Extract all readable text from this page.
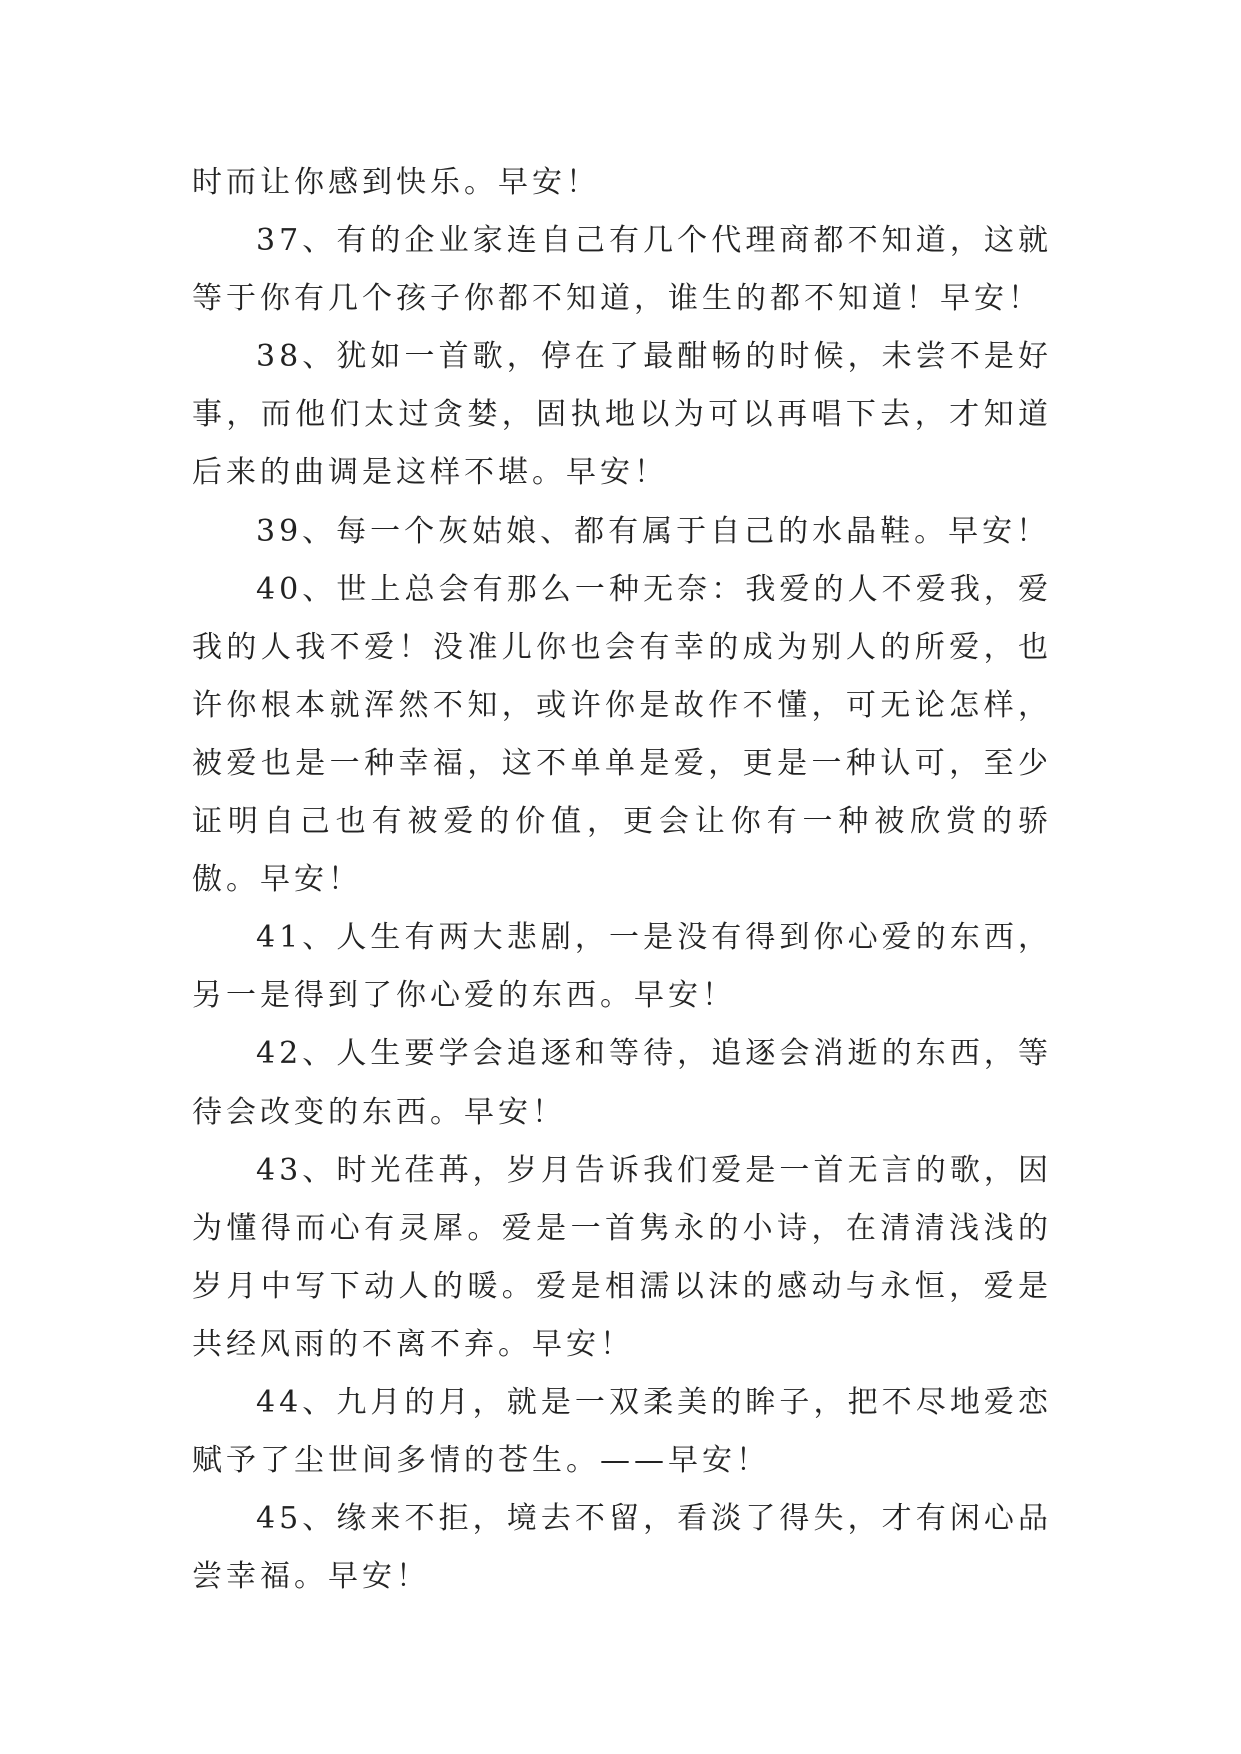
时而让你感到快乐。早安！

37、有的企业家连自己有几个代理商都不知道，这就等于你有几个孩子你都不知道，谁生的都不知道！早安！

38、犹如一首歌，停在了最酣畅的时候，未尝不是好事，而他们太过贪婪，固执地以为可以再唱下去，才知道后来的曲调是这样不堪。早安！

39、每一个灰姑娘、都有属于自己的水晶鞋。早安！

40、世上总会有那么一种无奈：我爱的人不爱我，爱我的人我不爱！没准儿你也会有幸的成为别人的所爱，也许你根本就浑然不知，或许你是故作不懂，可无论怎样，被爱也是一种幸福，这不单单是爱，更是一种认可，至少证明自己也有被爱的价值，更会让你有一种被欣赏的骄傲。早安！

41、人生有两大悲剧，一是没有得到你心爱的东西，另一是得到了你心爱的东西。早安！

42、人生要学会追逐和等待，追逐会消逝的东西，等待会改变的东西。早安！

43、时光荏苒，岁月告诉我们爱是一首无言的歌，因为懂得而心有灵犀。爱是一首隽永的小诗，在清清浅浅的岁月中写下动人的暖。爱是相濡以沫的感动与永恒，爱是共经风雨的不离不弃。早安！

44、九月的月，就是一双柔美的眸子，把不尽地爱恋赋予了尘世间多情的苍生。——早安！

45、缘来不拒，境去不留，看淡了得失，才有闲心品尝幸福。早安！
